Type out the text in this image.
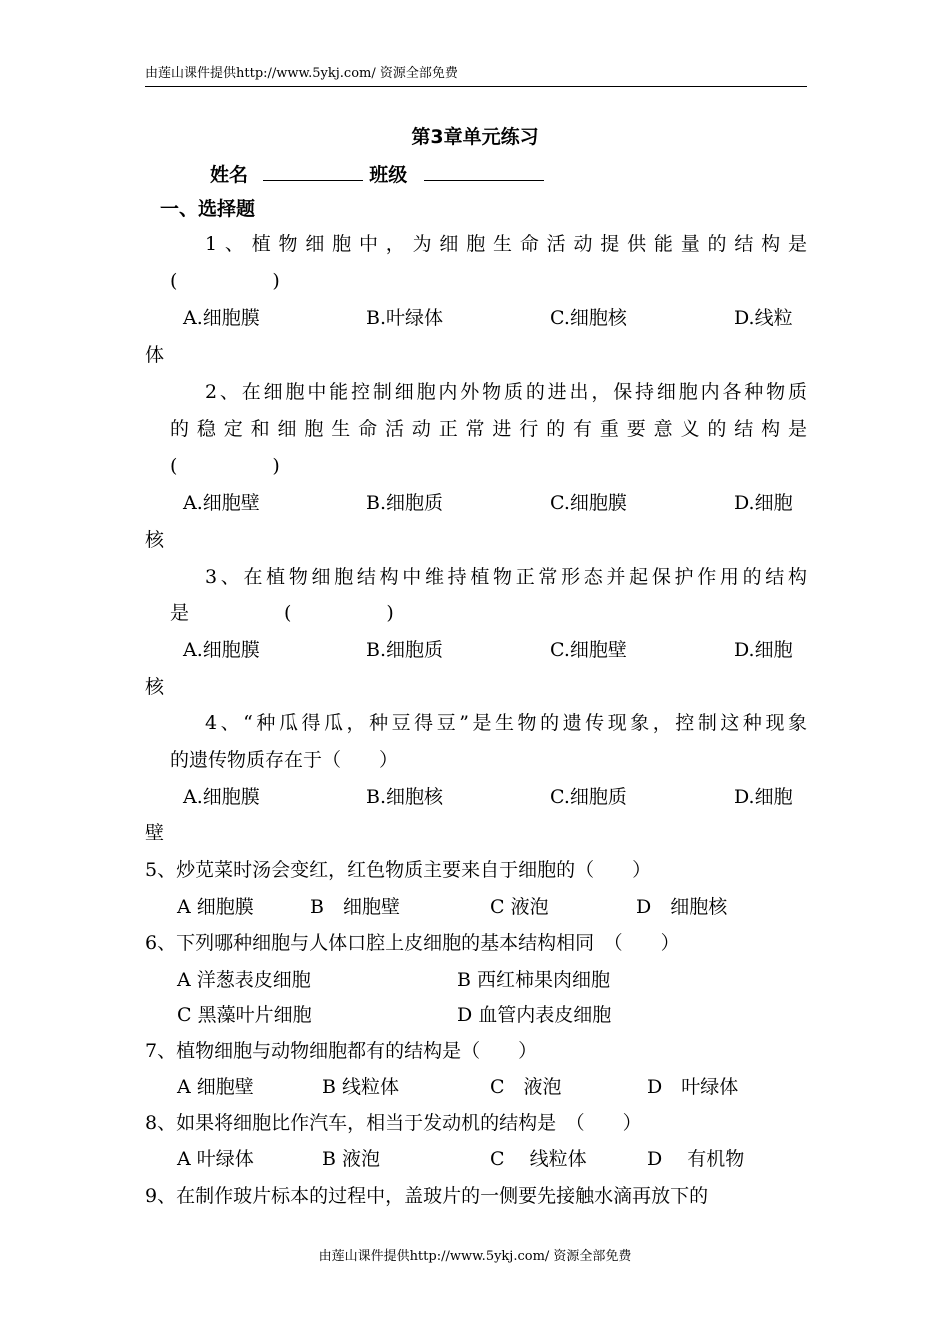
由莲山课件提供http://www.5ykj.com/ 资源全部免费
第3章单元练习
姓名	班级
一、选择题
1、植物细胞中，为细胞生命活动提供能量的结构是
(　　　　　)
A.细胞膜	B.叶绿体	C.细胞核	D.线粒
体
2、在细胞中能控制细胞内外物质的进出，保持细胞内各种物质
的稳定和细胞生命活动正常进行的有重要意义的结构是
(　　　　　)
A.细胞壁	B.细胞质	C.细胞膜	D.细胞
核
3、在植物细胞结构中维持植物正常形态并起保护作用的结构
是　　　　　(　　　　　)
A.细胞膜	B.细胞质	C.细胞壁	D.细胞
核
4、“种瓜得瓜，种豆得豆”是生物的遗传现象，控制这种现象
的遗传物质存在于（　　）
A.细胞膜	B.细胞核	C.细胞质	D.细胞
壁
5、炒苋菜时汤会变红，红色物质主要来自于细胞的（　　）
A 细胞膜	B　细胞壁	C 液泡	D　细胞核
6、下列哪种细胞与人体口腔上皮细胞的基本结构相同　（　　）
A 洋葱表皮细胞	B 西红柿果肉细胞
C 黑藻叶片细胞	D 血管内表皮细胞
7、植物细胞与动物细胞都有的结构是（　　）
A 细胞壁	B 线粒体	C　液泡	D　叶绿体
8、如果将细胞比作汽车，相当于发动机的结构是　（　　）
A 叶绿体	B 液泡	C　 线粒体	D　 有机物
9、在制作玻片标本的过程中，盖玻片的一侧要先接触水滴再放下的
由莲山课件提供http://www.5ykj.com/ 资源全部免费
